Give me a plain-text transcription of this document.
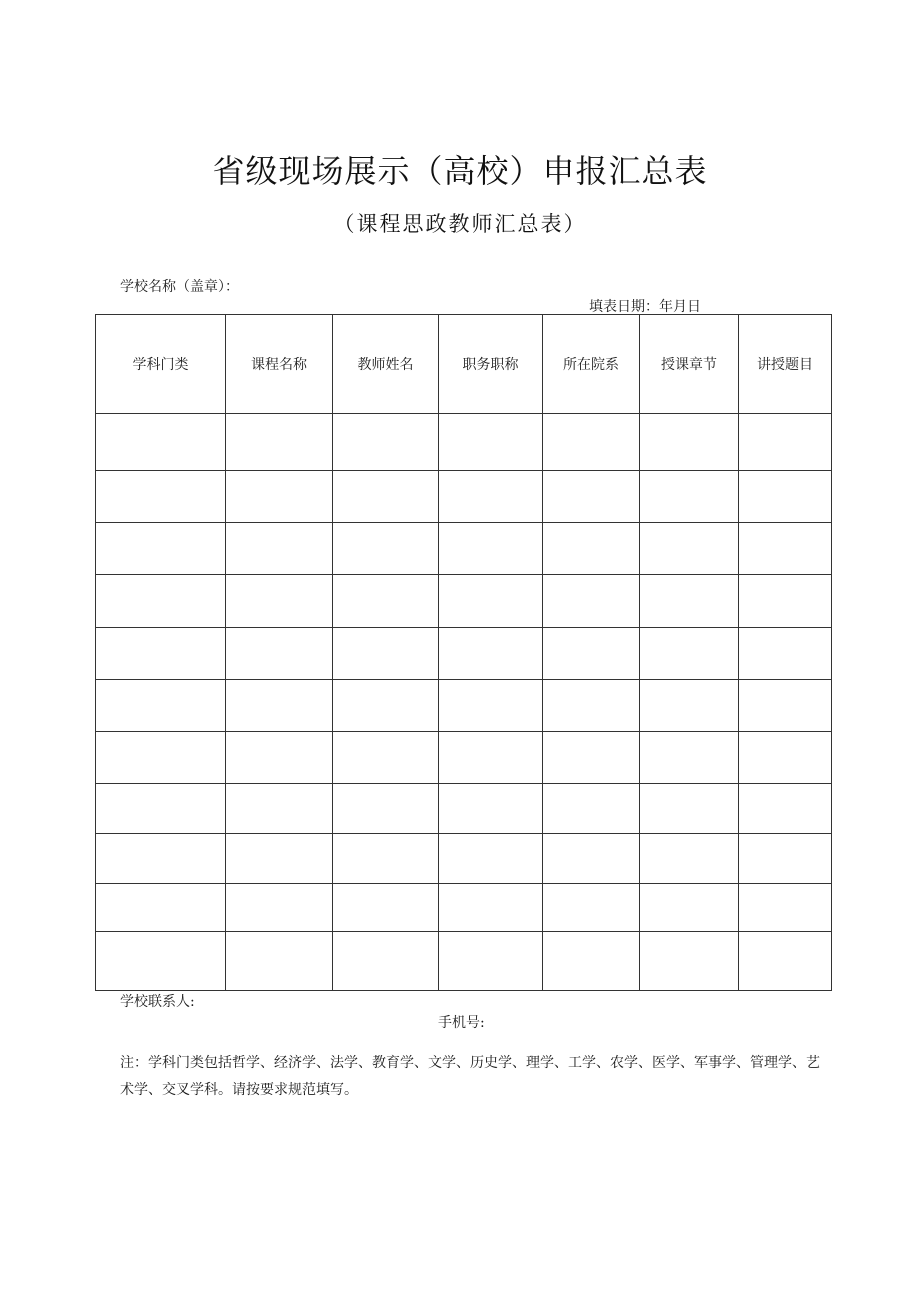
省级现场展示（高校）申报汇总表
（课程思政教师汇总表）
学校名称（盖章）：
填表日期：年月日
学科门类	课程名称	教师姓名	职务职称	所在院系	授课章节	讲授题目

学校联系人:
手机号:
注：学科门类包括哲学、经济学、法学、教育学、文学、历史学、理学、工学、农学、医学、军事学、管理学、艺术学、交叉学科。请按要求规范填写。
